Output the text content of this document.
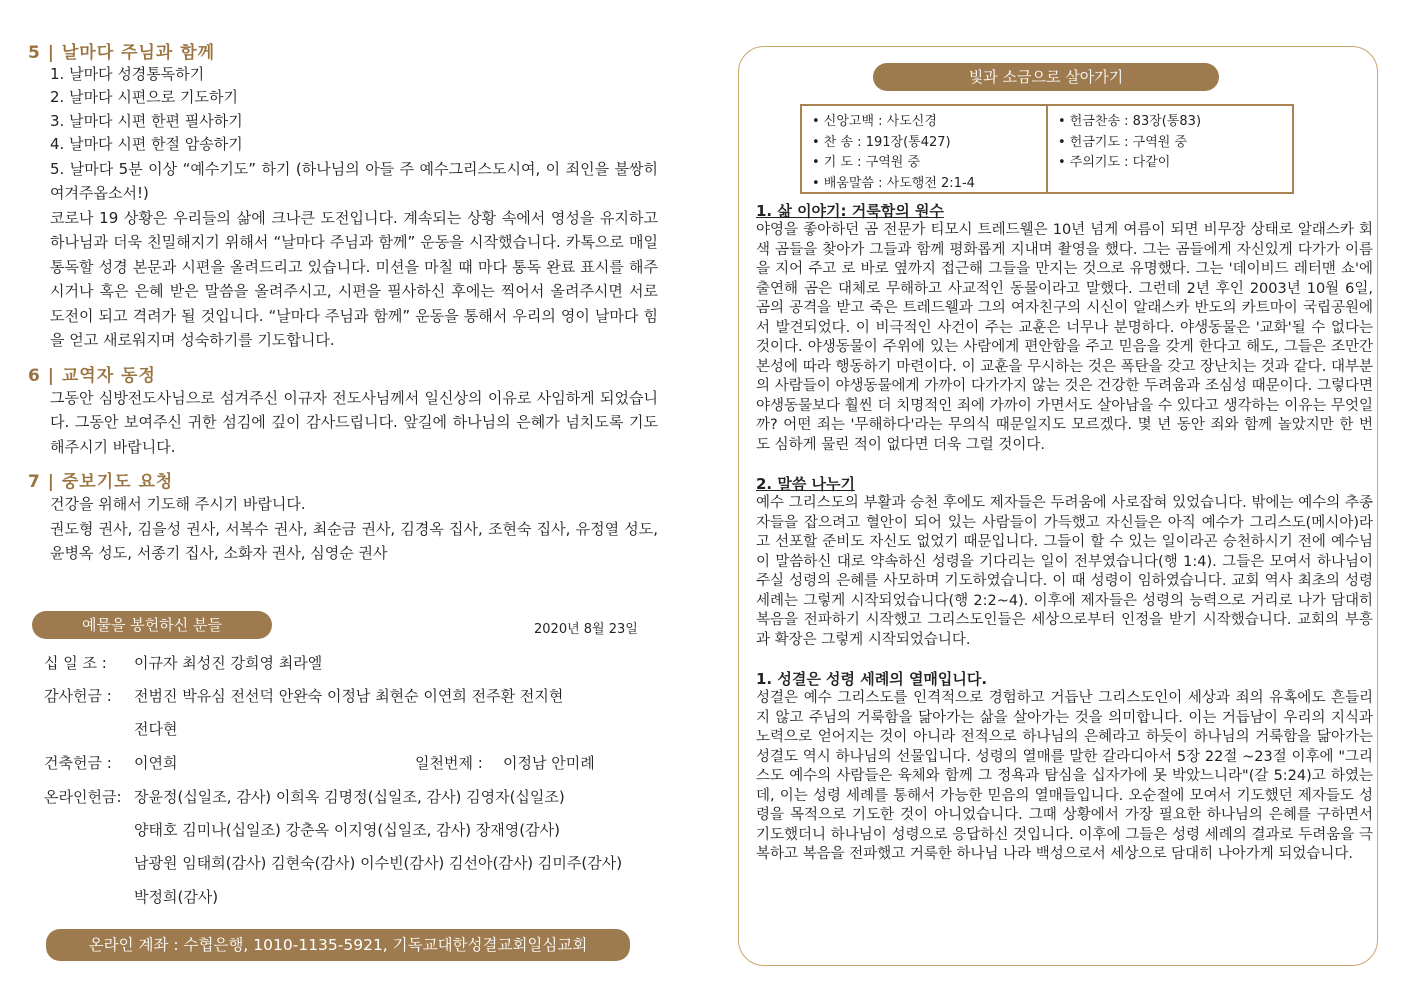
5 | 날마다 주님과 함께
1. 날마다 성경통독하기
2. 날마다 시편으로 기도하기
3. 날마다 시편 한편 필사하기
4. 날마다 시편 한절 암송하기
5. 날마다 5분 이상 “예수기도” 하기 (하나님의 아들 주 예수그리스도시여, 이 죄인을 불쌍히 여겨주옵소서!)
코로나 19 상황은 우리들의 삶에 크나큰 도전입니다. 계속되는 상황 속에서 영성을 유지하고 하나님과 더욱 친밀해지기 위해서 “날마다 주님과 함께” 운동을 시작했습니다. 카톡으로 매일 통독할 성경 본문과 시편을 올려드리고 있습니다. 미션을 마칠 때 마다 통독 완료 표시를 해주시거나 혹은 은혜 받은 말씀을 올려주시고, 시편을 필사하신 후에는 찍어서 올려주시면 서로 도전이 되고 격려가 될 것입니다. “날마다 주님과 함께” 운동을 통해서 우리의 영이 날마다 힘을 얻고 새로워지며 성숙하기를 기도합니다.
6 | 교역자 동정
그동안 심방전도사님으로 섬겨주신 이규자 전도사님께서 일신상의 이유로 사임하게 되었습니다. 그동안 보여주신 귀한 섬김에 깊이 감사드립니다. 앞길에 하나님의 은혜가 넘치도록 기도해주시기 바랍니다.
7 | 중보기도 요청
건강을 위해서 기도해 주시기 바랍니다.
권도형 권사, 김을성 권사, 서복수 권사, 최순금 권사, 김경옥 집사, 조현숙 집사, 유정열 성도, 윤병옥 성도, 서종기 집사, 소화자 권사, 심영순 권사
예물을 봉헌하신 분들	2020년 8월 23일
십 일 조 : 이규자 최성진 강희영 최라엘
감사헌금 : 전범진 박유심 전선덕 안완숙 이정남 최현순 이연희 전주환 전지현
전다현
건축헌금 : 이연희	일천번제 : 이정남 안미례
온라인헌금: 장윤정(십일조, 감사) 이희옥 김명정(십일조, 감사) 김영자(십일조)
양태호 김미나(십일조) 강춘옥 이지영(십일조, 감사) 장재영(감사)
남광원 임태희(감사) 김현숙(감사) 이수빈(감사) 김선아(감사) 김미주(감사)
박정희(감사)
온라인 계좌 : 수협은행, 1010-1135-5921, 기독교대한성결교회일심교회
빛과 소금으로 살아가기
• 신앙고백 : 사도신경
• 찬 송 : 191장(통427)
• 기 도 : 구역원 중
• 배움말씀 : 사도행전 2:1-4
• 헌금찬송 : 83장(통83)
• 헌금기도 : 구역원 중
• 주의기도 : 다같이
1. 삶 이야기: 거룩함의 원수

야영을 좋아하던 곰 전문가 티모시 트레드웰은 10년 넘게 여름이 되면 비무장 상태로 알래스카 회색 곰들을 찾아가 그들과 함께 평화롭게 지내며 촬영을 했다. 그는 곰들에게 자신있게 다가가 이름을 지어 주고 로 바로 옆까지 접근해 그들을 만지는 것으로 유명했다. 그는 '데이비드 레터맨 쇼'에 출연해 곰은 대체로 무해하고 사교적인 동물이라고 말했다. 그런데 2년 후인 2003년 10월 6일, 곰의 공격을 받고 죽은 트레드웰과 그의 여자친구의 시신이 알래스카 반도의 카트마이 국립공원에서 발견되었다. 이 비극적인 사건이 주는 교훈은 너무나 분명하다. 야생동물은 '교화'될 수 없다는 것이다. 야생동물이 주위에 있는 사람에게 편안함을 주고 믿음을 갖게 한다고 해도, 그들은 조만간 본성에 따라 행동하기 마련이다. 이 교훈을 무시하는 것은 폭탄을 갖고 장난치는 것과 같다. 대부분의 사람들이 야생동물에게 가까이 다가가지 않는 것은 건강한 두려움과 조심성 때문이다. 그렇다면 야생동물보다 훨씬 더 치명적인 죄에 가까이 가면서도 살아남을 수 있다고 생각하는 이유는 무엇일까? 어떤 죄는 '무해하다'라는 무의식 때문일지도 모르겠다. 몇 년 동안 죄와 함께 놀았지만 한 번도 심하게 물린 적이 없다면 더욱 그럴 것이다.

2. 말씀 나누기

예수 그리스도의 부활과 승천 후에도 제자들은 두려움에 사로잡혀 있었습니다. 밖에는 예수의 추종자들을 잡으려고 혈안이 되어 있는 사람들이 가득했고 자신들은 아직 예수가 그리스도(메시아)라고 선포할 준비도 자신도 없었기 때문입니다. 그들이 할 수 있는 일이라곤 승천하시기 전에 예수님이 말씀하신 대로 약속하신 성령을 기다리는 일이 전부였습니다(행 1:4). 그들은 모여서 하나님이 주실 성령의 은혜를 사모하며 기도하였습니다. 이 때 성령이 임하였습니다. 교회 역사 최초의 성령 세례는 그렇게 시작되었습니다(행 2:2~4). 이후에 제자들은 성령의 능력으로 거리로 나가 담대히 복음을 전파하기 시작했고 그리스도인들은 세상으로부터 인정을 받기 시작했습니다. 교회의 부흥과 확장은 그렇게 시작되었습니다.

1. 성결은 성령 세례의 열매입니다.

성결은 예수 그리스도를 인격적으로 경험하고 거듭난 그리스도인이 세상과 죄의 유혹에도 흔들리지 않고 주님의 거룩함을 닮아가는 삶을 살아가는 것을 의미합니다. 이는 거듭남이 우리의 지식과 노력으로 얻어지는 것이 아니라 전적으로 하나님의 은혜라고 하듯이 하나님의 거룩함을 닮아가는 성결도 역시 하나님의 선물입니다. 성령의 열매를 말한 갈라디아서 5장 22절 ~23절 이후에 "그리스도 예수의 사람들은 육체와 함께 그 정욕과 탐심을 십자가에 못 박았느니라"(갈 5:24)고 하였는데, 이는 성령 세례를 통해서 가능한 믿음의 열매들입니다. 오순절에 모여서 기도했던 제자들도 성령을 목적으로 기도한 것이 아니었습니다. 그때 상황에서 가장 필요한 하나님의 은혜를 구하면서 기도했더니 하나님이 성령으로 응답하신 것입니다. 이후에 그들은 성령 세례의 결과로 두려움을 극복하고 복음을 전파했고 거룩한 하나님 나라 백성으로서 세상으로 담대히 나아가게 되었습니다.
